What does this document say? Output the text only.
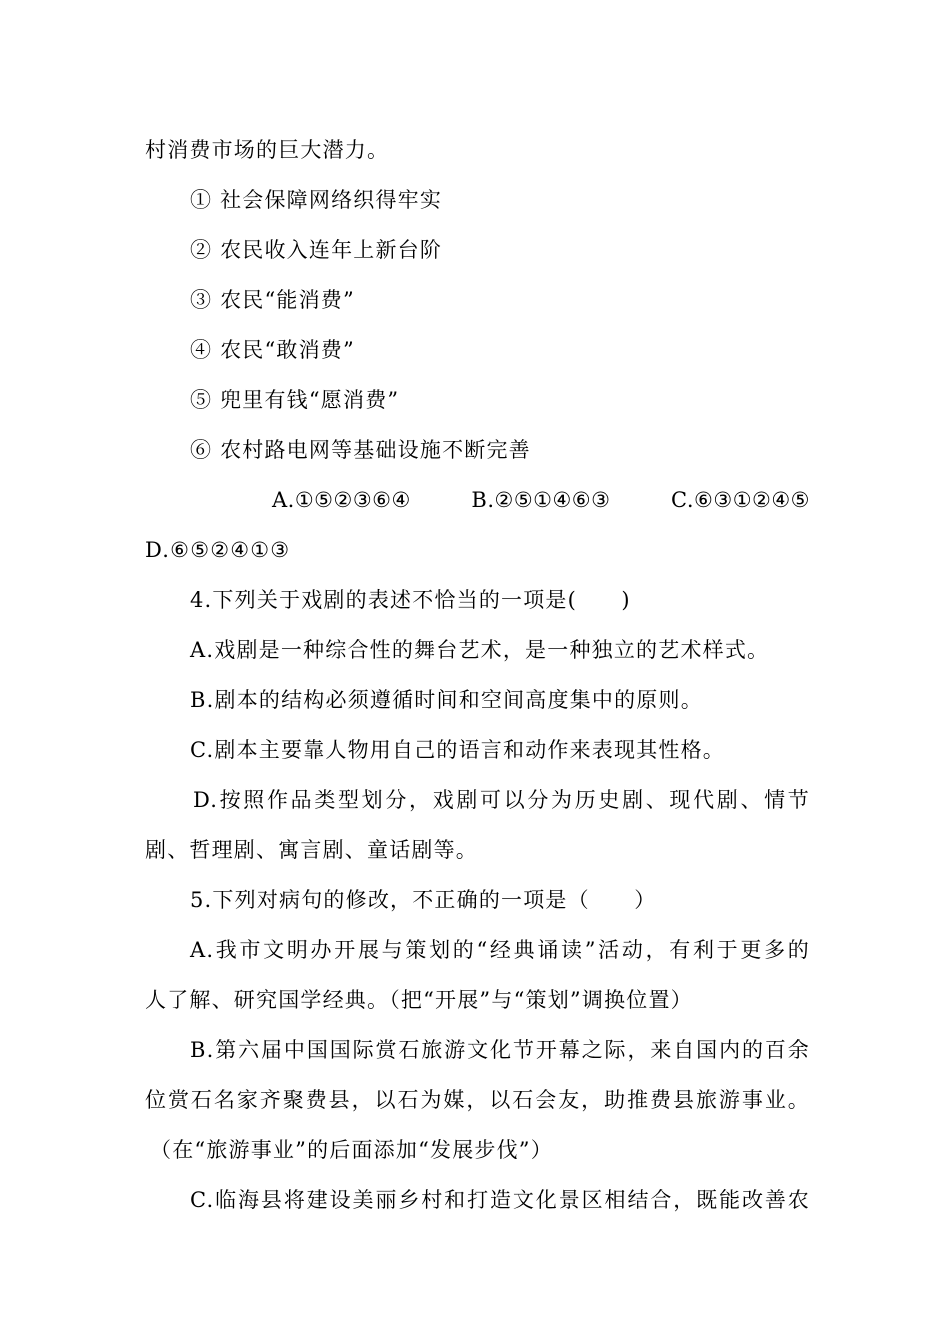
村消费市场的巨大潜力。
① 社会保障网络织得牢实
② 农民收入连年上新台阶
③ 农民“能消费”
④ 农民“敢消费”
⑤ 兜里有钱“愿消费”
⑥ 农村路电网等基础设施不断完善
A.①⑤②③⑥④	B.②⑤①④⑥③	C.⑥③①②④⑤
D.⑥⑤②④①③
4.下列关于戏剧的表述不恰当的一项是(　　)
A.戏剧是一种综合性的舞台艺术，是一种独立的艺术样式。
B.剧本的结构必须遵循时间和空间高度集中的原则。
C.剧本主要靠人物用自己的语言和动作来表现其性格。
D.按照作品类型划分，戏剧可以分为历史剧、现代剧、情节
剧、哲理剧、寓言剧、童话剧等。
5.下列对病句的修改，不正确的一项是（　　）
A.我市文明办开展与策划的“经典诵读”活动，有利于更多的
人了解、研究国学经典。（把“开展”与“策划”调换位置）
B.第六届中国国际赏石旅游文化节开幕之际，来自国内的百余
位赏石名家齐聚费县，以石为媒，以石会友，助推费县旅游事业。
（在“旅游事业”的后面添加“发展步伐”）
C.临海县将建设美丽乡村和打造文化景区相结合，既能改善农
